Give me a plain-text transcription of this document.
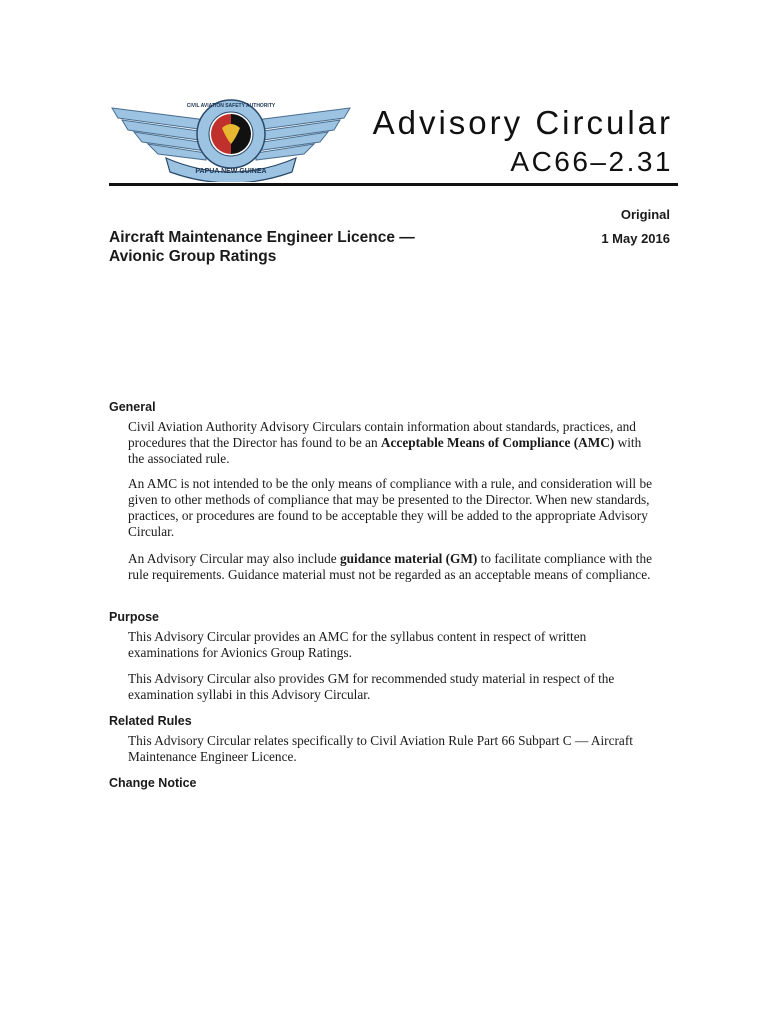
PAPUA NEW GUINEA
CIVIL AVIATION SAFETY AUTHORITY	Advisory Circular
AC66–2.31
Original
Aircraft Maintenance Engineer Licence —
Avionic Group Ratings
1 May 2016
General

Civil Aviation Authority Advisory Circulars contain information about standards, practices, and procedures that the Director has found to be an Acceptable Means of Compliance (AMC) with the associated rule.

An AMC is not intended to be the only means of compliance with a rule, and consideration will be given to other methods of compliance that may be presented to the Director. When new standards, practices, or procedures are found to be acceptable they will be added to the appropriate Advisory Circular.

An Advisory Circular may also include guidance material (GM) to facilitate compliance with the rule requirements. Guidance material must not be regarded as an acceptable means of compliance.

Purpose

This Advisory Circular provides an AMC for the syllabus content in respect of written examinations for Avionics Group Ratings.

This Advisory Circular also provides GM for recommended study material in respect of the examination syllabi in this Advisory Circular.

Related Rules

This Advisory Circular relates specifically to Civil Aviation Rule Part 66 Subpart C — Aircraft Maintenance Engineer Licence.

Change Notice
